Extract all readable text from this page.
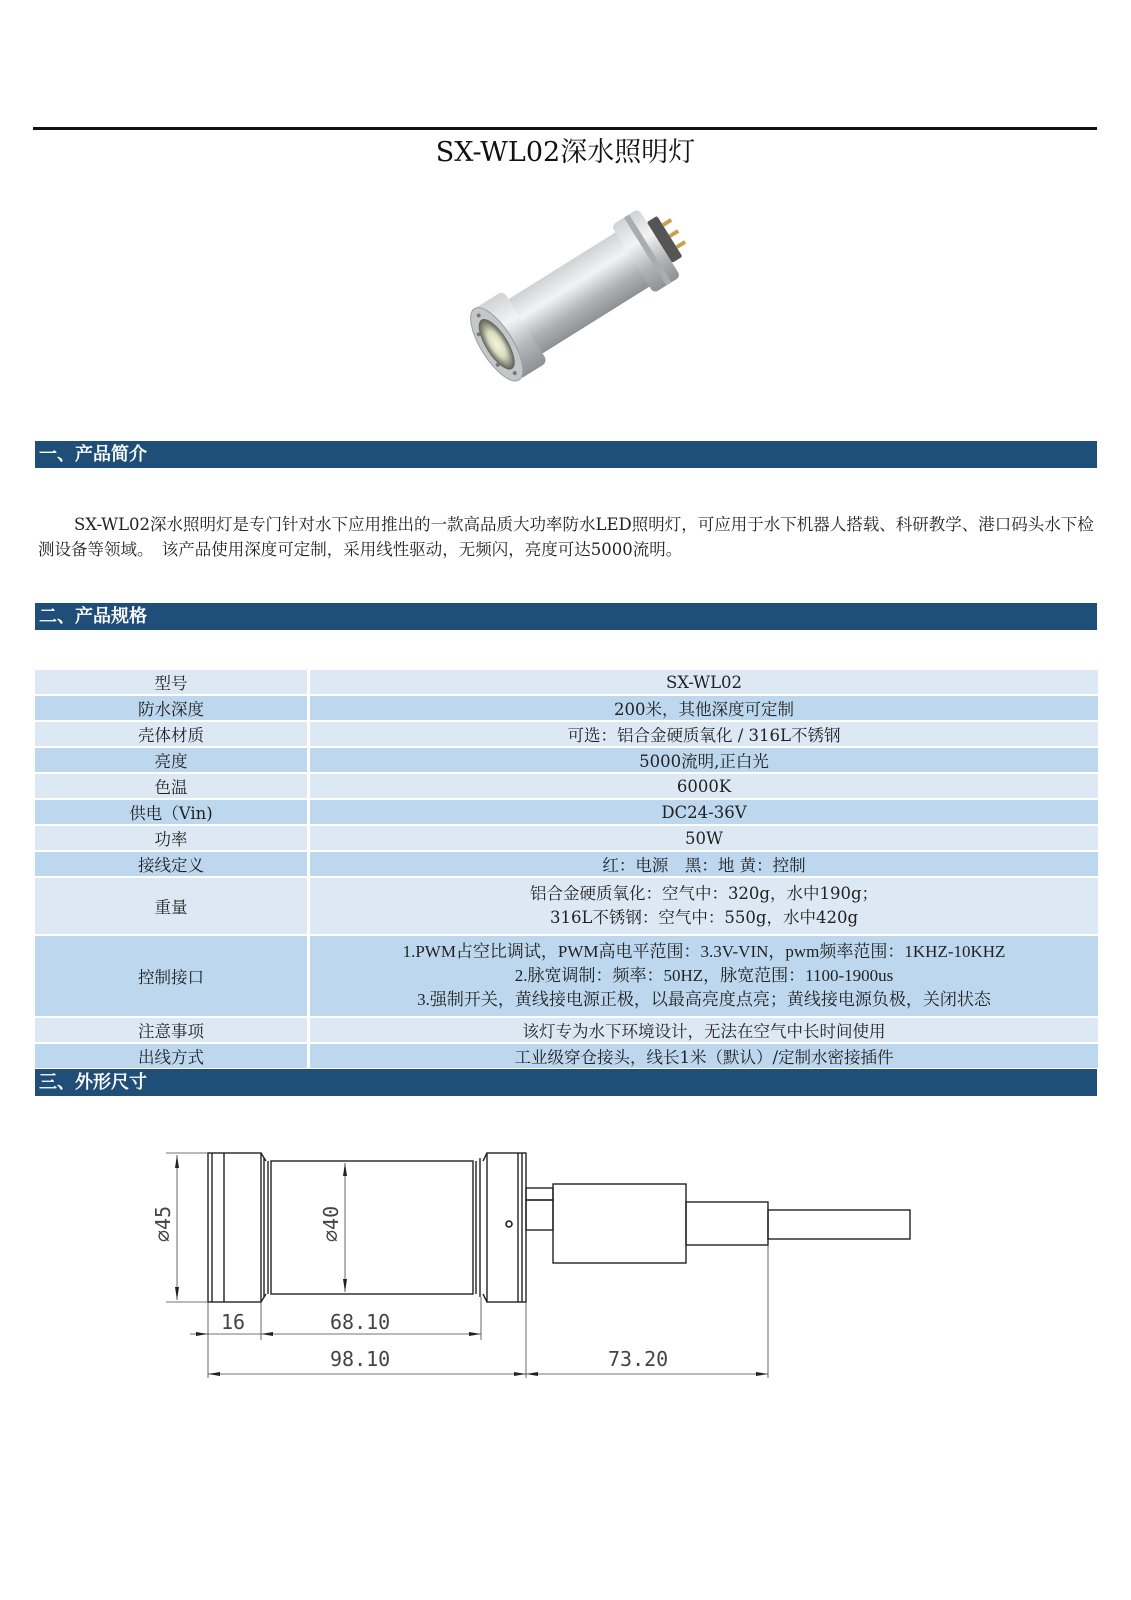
SX-WL02深水照明灯
一、产品简介

SX-WL02深水照明灯是专门针对水下应用推出的一款高品质大功率防水LED照明灯，可应用于水下机器人搭载、科研教学、港口码头水下检测设备等领域。　该产品使用深度可定制，采用线性驱动，无频闪，亮度可达5000流明。

二、产品规格
型号	SX-WL02
防水深度	200米，其他深度可定制
壳体材质	可选：铝合金硬质氧化 / 316L不锈钢
亮度	5000流明,正白光
色温	6000K
供电（Vin)	DC24-36V
功率	50W
接线定义	红：电源　黑：地 黄：控制
重量	铝合金硬质氧化：空气中：320g，水中190g；
316L不锈钢：空气中：550g，水中420g

控制接口	1.PWM占空比调试，PWM高电平范围：3.3V-VIN，pwm频率范围：1KHZ-10KHZ
2.脉宽调制：频率：50HZ，脉宽范围：1100-1900us
3.强制开关，黄线接电源正极，以最高亮度点亮；黄线接电源负极，关闭状态

注意事项	该灯专为水下环境设计，无法在空气中长时间使用
出线方式	工业级穿仓接头，线长1米（默认）/定制水密接插件
三、外形尺寸
⌀45
⌀40
16	68.10
98.10	73.20
